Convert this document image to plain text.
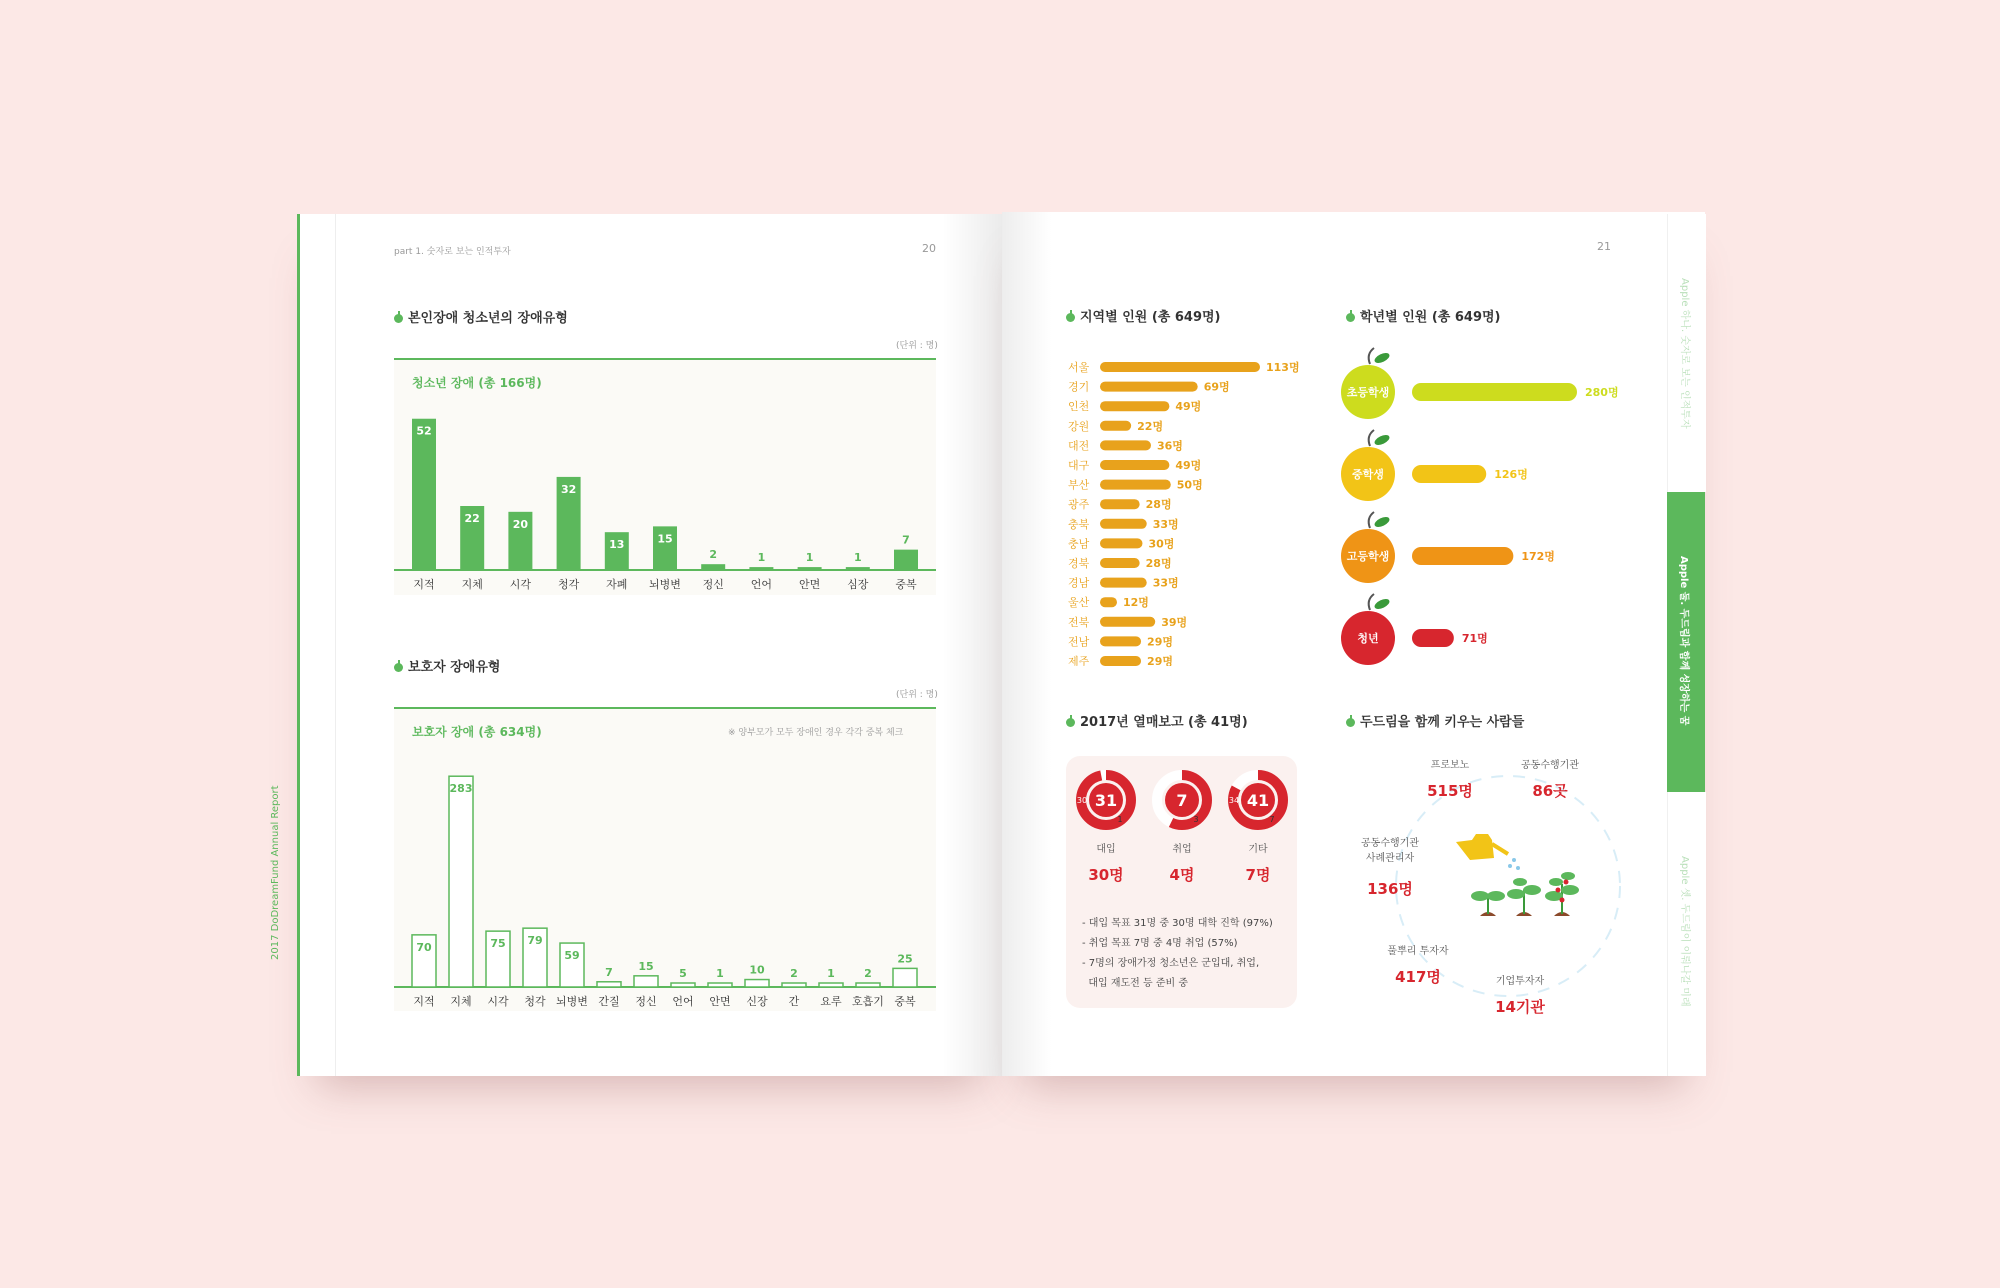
2017 DoDreamFund Annual Report
part 1. 숫자로 보는 인적투자	20
본인장애 청소년의 장애유형
(단위 : 명)
청소년 장애 (총 166명)
52
지적
22
지체
20
시각
32
청각
13
자폐
15
뇌병변
2
정신
1
언어
1
안면
1
심장
7
중복
보호자 장애유형
(단위 : 명)
보호자 장애 (총 634명)	※ 양부모가 모두 장애인 경우 각각 중복 체크
70
지적
283
지체
75
시각
79
청각
59
뇌병변
7
간질
15
정신
5
언어
1
안면
10
신장
2
간
1
요루
2
호흡기
25
중복
21
지역별 인원 (총 649명)
서울	113명
경기	69명
인천	49명
강원	22명
대전	36명
대구	49명
부산	50명
광주	28명
충북	33명
충남	30명
경북	28명
경남	33명
울산	12명
전북	39명
전남	29명
제주	29명
학년별 인원 (총 649명)
초등학생	280명
중학생	126명
고등학생	172명
청년	71명
2017년 열매보고 (총 41명)
31
30
1
7
4
3
41
34
7
대입	취업	기타
30명	4명	7명
- 대입 목표 31명 중 30명 대학 진학 (97%)
- 취업 목표 7명 중 4명 취업 (57%)
- 7명의 장애가정 청소년은 군입대, 취업,
대입 재도전 등 준비 중
두드림을 함께 키우는 사람들
프로보노
515명
공동수행기관
86곳
공동수행기관
사례관리자
136명
풀뿌리 투자자
417명	기업투자자
14기관
Apple 하나. 숫자로 보는 인적투자
Apple 둘. 두드림과 함께 성장하는 꿈
Apple 셋. 두드림이 이뤄나갈 미래
